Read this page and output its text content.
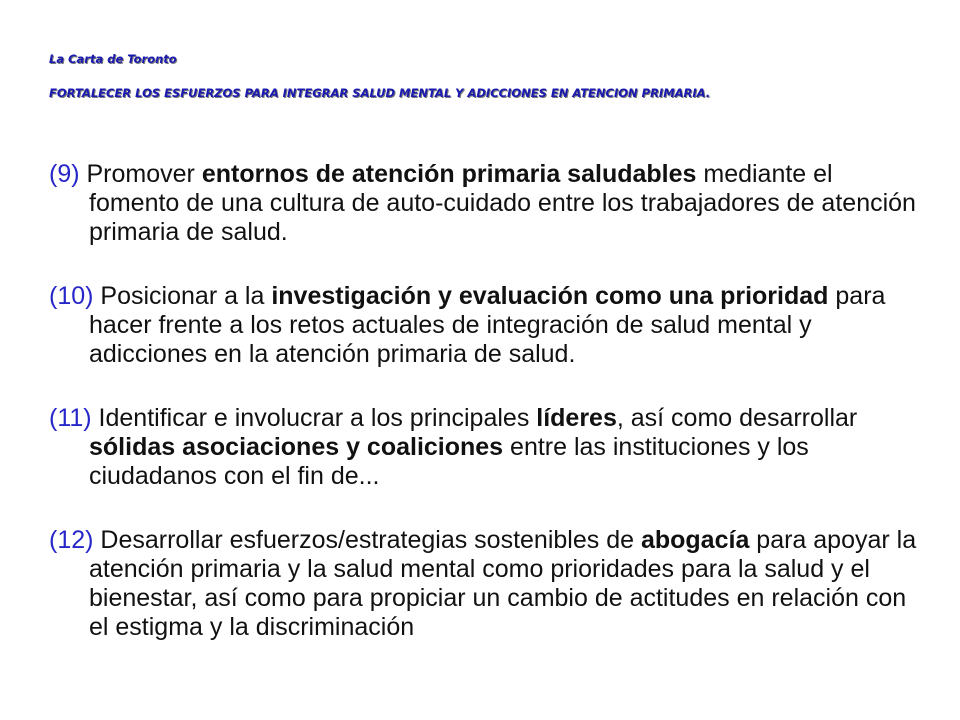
La Carta de Toronto
FORTALECER LOS ESFUERZOS PARA INTEGRAR SALUD MENTAL Y ADICCIONES EN ATENCION PRIMARIA.

(9) Promover entornos de atención primaria saludables mediante el fomento de una cultura de auto-cuidado entre los trabajadores de atención primaria de salud.

(10) Posicionar a la investigación y evaluación como una prioridad para hacer frente a los retos actuales de integración de salud mental y adicciones en la atención primaria de salud.

(11) Identificar e involucrar a los principales líderes, así como desarrollar sólidas asociaciones y coaliciones entre las instituciones y los ciudadanos con el fin de...

(12) Desarrollar esfuerzos/estrategias sostenibles de abogacía para apoyar la atención primaria y la salud mental como prioridades para la salud y el bienestar, así como para propiciar un cambio de actitudes en relación con el estigma y la discriminación
